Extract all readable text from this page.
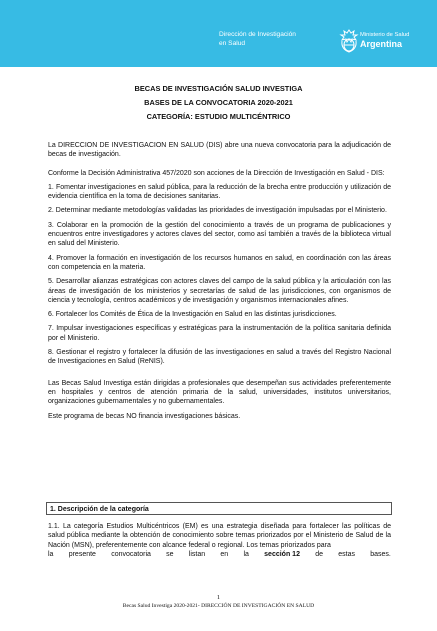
Dirección de Investigación
en Salud
Ministerio de Salud
Argentina
BECAS DE INVESTIGACIÓN SALUD INVESTIGA
BASES DE LA CONVOCATORIA 2020-2021
CATEGORÍA: ESTUDIO MULTICÉNTRICO

La DIRECCION DE INVESTIGACION EN SALUD (DIS) abre una nueva convocatoria para la adjudicación de becas de investigación.

Conforme la Decisión Administrativa 457/2020 son acciones de la Dirección de Investigación en Salud - DIS:

1. Fomentar investigaciones en salud pública, para la reducción de la brecha entre producción y utilización de evidencia científica en la toma de decisiones sanitarias.

2. Determinar mediante metodologías validadas las prioridades de investigación impulsadas por el Ministerio.

3. Colaborar en la promoción de la gestión del conocimiento a través de un programa de publicaciones y encuentros entre investigadores y actores claves del sector, como así también a través de la biblioteca virtual en salud del Ministerio.

4. Promover la formación en investigación de los recursos humanos en salud, en coordinación con las áreas con competencia en la materia.

5. Desarrollar alianzas estratégicas con actores claves del campo de la salud pública y la articulación con las áreas de investigación de los ministerios y secretarías de salud de las jurisdicciones, con organismos de ciencia y tecnología, centros académicos y de investigación y organismos internacionales afines.

6. Fortalecer los Comités de Ética de la Investigación en Salud en las distintas jurisdicciones.

7. Impulsar investigaciones específicas y estratégicas para la instrumentación de la política sanitaria definida por el Ministerio.

8. Gestionar el registro y fortalecer la difusión de las investigaciones en salud a través del Registro Nacional de Investigaciones en Salud (ReNIS).

Las Becas Salud Investiga están dirigidas a profesionales que desempeñan sus actividades preferentemente en hospitales y centros de atención primaria de la salud, universidades, institutos universitarios, organizaciones gubernamentales y no gubernamentales.

Este programa de becas NO financia investigaciones básicas.

1. Descripción de la categoría
1.1. La categoría Estudios Multicéntricos (EM) es una estrategia diseñada para fortalecer las políticas de salud pública mediante la obtención de conocimiento sobre temas priorizados por el Ministerio de Salud de la Nación (MSN), preferentemente con alcance federal o regional. Los temas priorizados para
la presente convocatoria se listan en la sección 12 de estas bases.
1
Becas Salud Investiga 2020-2021- DIRECCIÓN DE INVESTIGACIÓN EN SALUD
